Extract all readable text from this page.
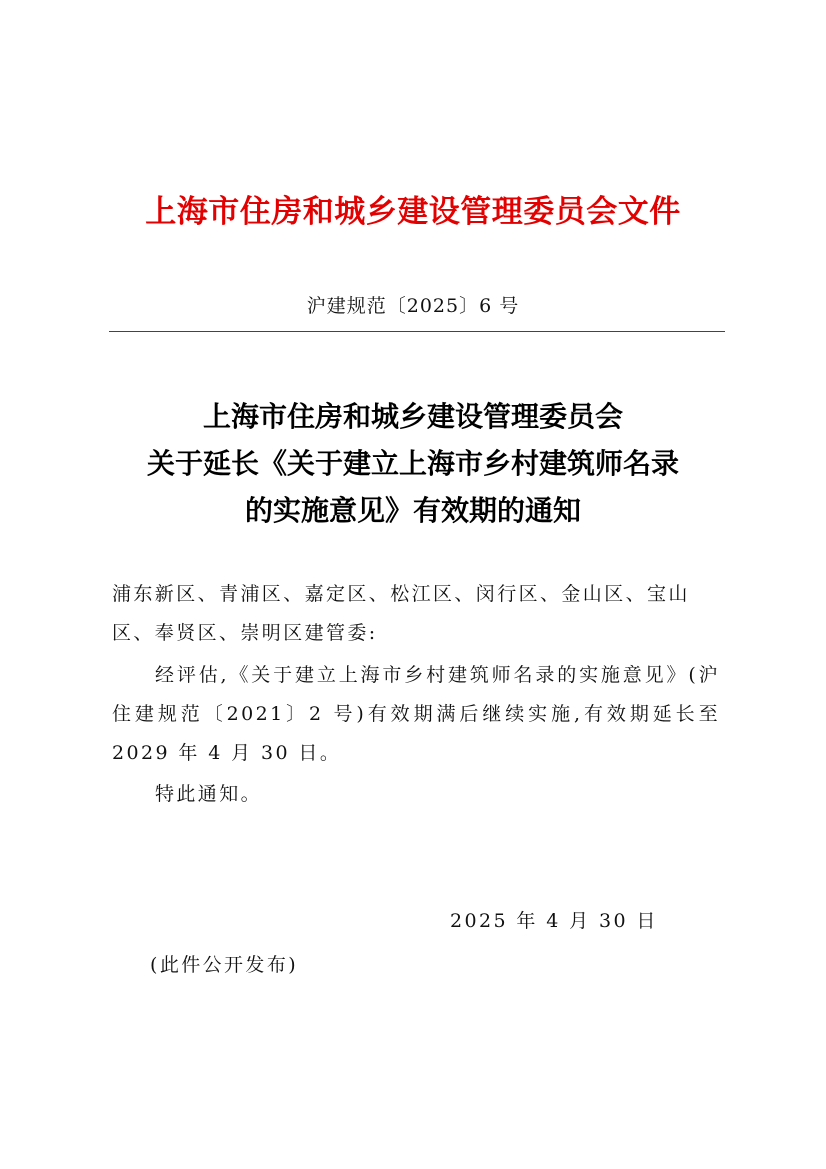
上海市住房和城乡建设管理委员会文件
沪建规范〔2025〕6 号
上海市住房和城乡建设管理委员会
关于延长《关于建立上海市乡村建筑师名录
的实施意见》有效期的通知
浦东新区、青浦区、嘉定区、松江区、闵行区、金山区、宝山区、奉贤区、崇明区建管委:
经评估,《关于建立上海市乡村建筑师名录的实施意见》(沪住建规范〔2021〕2 号)有效期满后继续实施,有效期延长至 2029 年 4 月 30 日。
特此通知。
2025 年 4 月 30 日
(此件公开发布)
